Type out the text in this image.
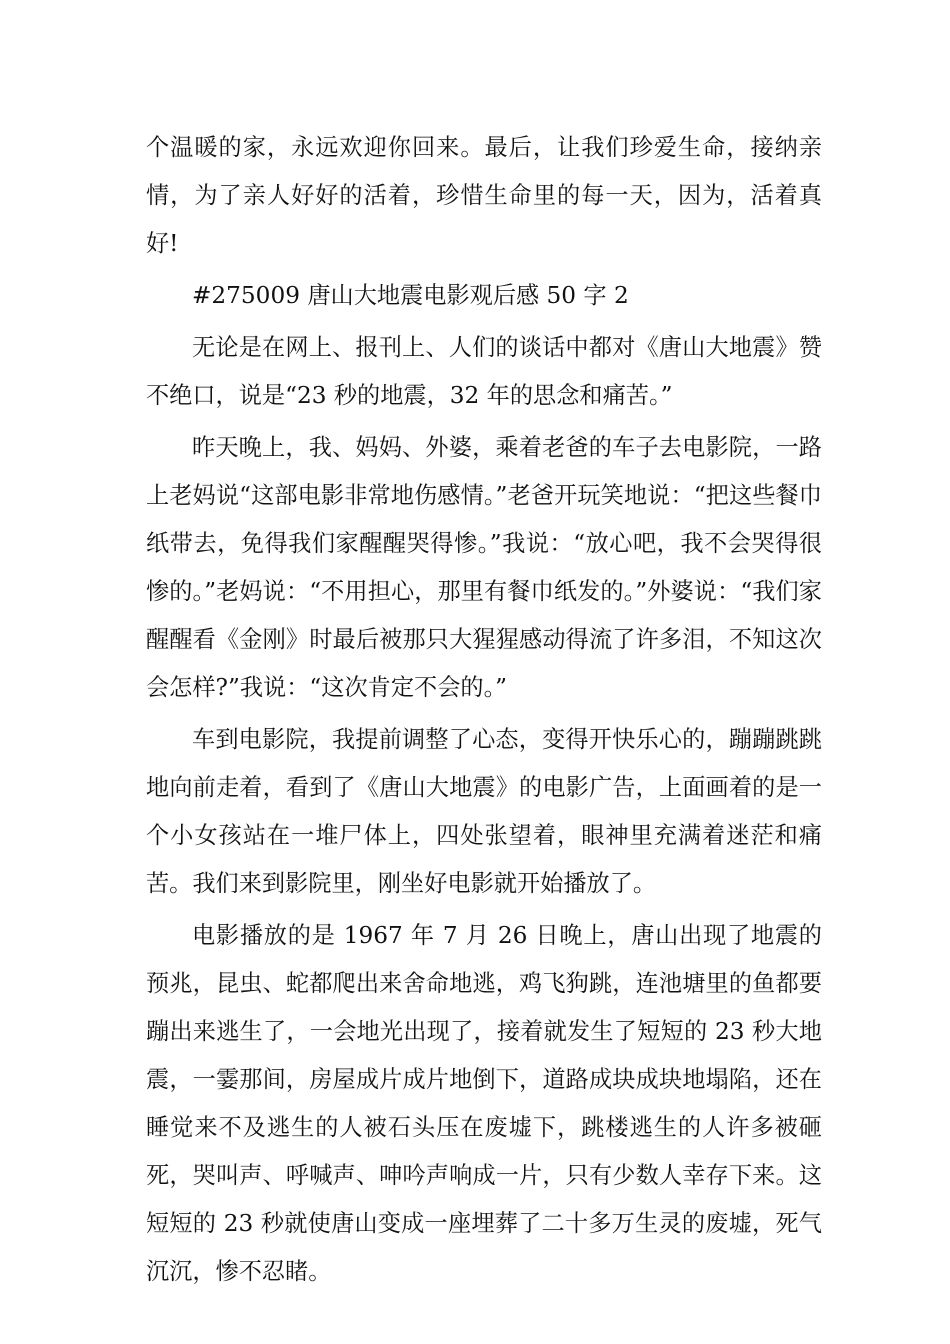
个温暖的家，永远欢迎你回来。最后，让我们珍爱生命，接纳亲情，为了亲人好好的活着，珍惜生命里的每一天，因为，活着真好!

#275009 唐山大地震电影观后感 50 字 2

无论是在网上、报刊上、人们的谈话中都对《唐山大地震》赞不绝口，说是“23 秒的地震，32 年的思念和痛苦。”

昨天晚上，我、妈妈、外婆，乘着老爸的车子去电影院，一路上老妈说“这部电影非常地伤感情。”老爸开玩笑地说：“把这些餐巾纸带去，免得我们家醒醒哭得惨。”我说：“放心吧，我不会哭得很惨的。”老妈说：“不用担心，那里有餐巾纸发的。”外婆说：“我们家醒醒看《金刚》时最后被那只大猩猩感动得流了许多泪，不知这次会怎样?”我说：“这次肯定不会的。”

车到电影院，我提前调整了心态，变得开快乐心的，蹦蹦跳跳地向前走着，看到了《唐山大地震》的电影广告，上面画着的是一个小女孩站在一堆尸体上，四处张望着，眼神里充满着迷茫和痛苦。我们来到影院里，刚坐好电影就开始播放了。

电影播放的是 1967 年 7 月 26 日晚上，唐山出现了地震的预兆，昆虫、蛇都爬出来舍命地逃，鸡飞狗跳，连池塘里的鱼都要蹦出来逃生了，一会地光出现了，接着就发生了短短的 23 秒大地震，一霎那间，房屋成片成片地倒下，道路成块成块地塌陷，还在睡觉来不及逃生的人被石头压在废墟下，跳楼逃生的人许多被砸死，哭叫声、呼喊声、呻吟声响成一片，只有少数人幸存下来。这短短的 23 秒就使唐山变成一座埋葬了二十多万生灵的废墟，死气沉沉，惨不忍睹。
